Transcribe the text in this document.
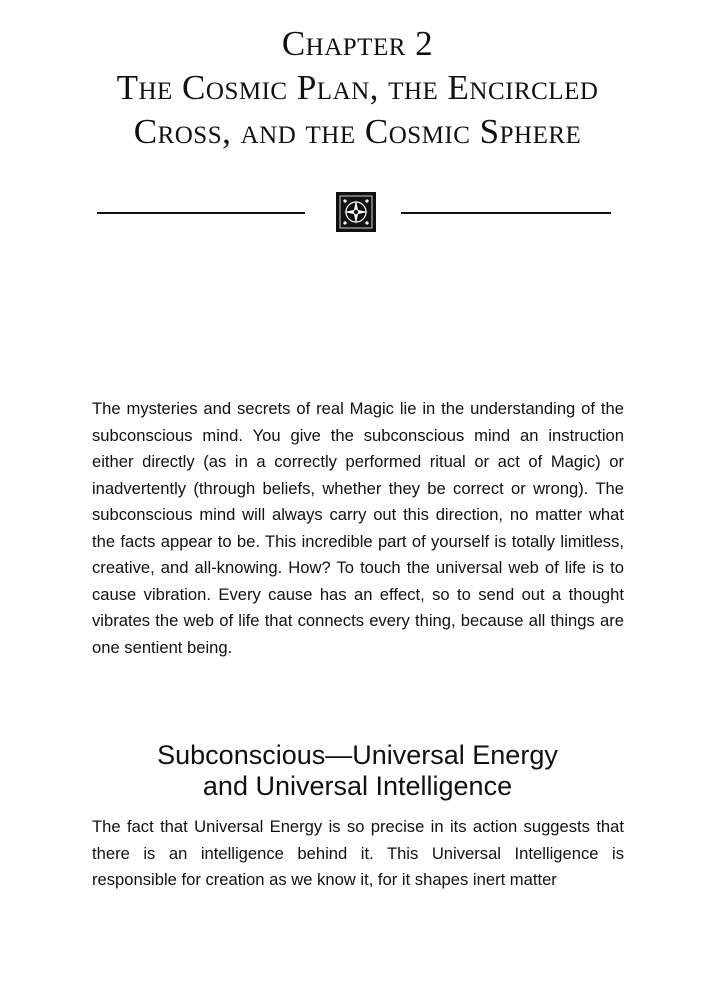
Chapter 2
The Cosmic Plan, the Encircled
Cross, and the Cosmic Sphere

The mysteries and secrets of real Magic lie in the understanding of the subconscious mind. You give the subconscious mind an instruction either directly (as in a correctly performed ritual or act of Magic) or inadvertently (through beliefs, whether they be correct or wrong). The subconscious mind will always carry out this direction, no matter what the facts appear to be. This incredible part of yourself is totally limitless, creative, and all-knowing. How? To touch the universal web of life is to cause vibration. Every cause has an effect, so to send out a thought vibrates the web of life that connects every thing, because all things are one sentient being.

Subconscious—Universal Energy
and Universal Intelligence

The fact that Universal Energy is so precise in its action suggests that there is an intelligence behind it. This Universal Intelligence is responsible for creation as we know it, for it shapes inert matter
